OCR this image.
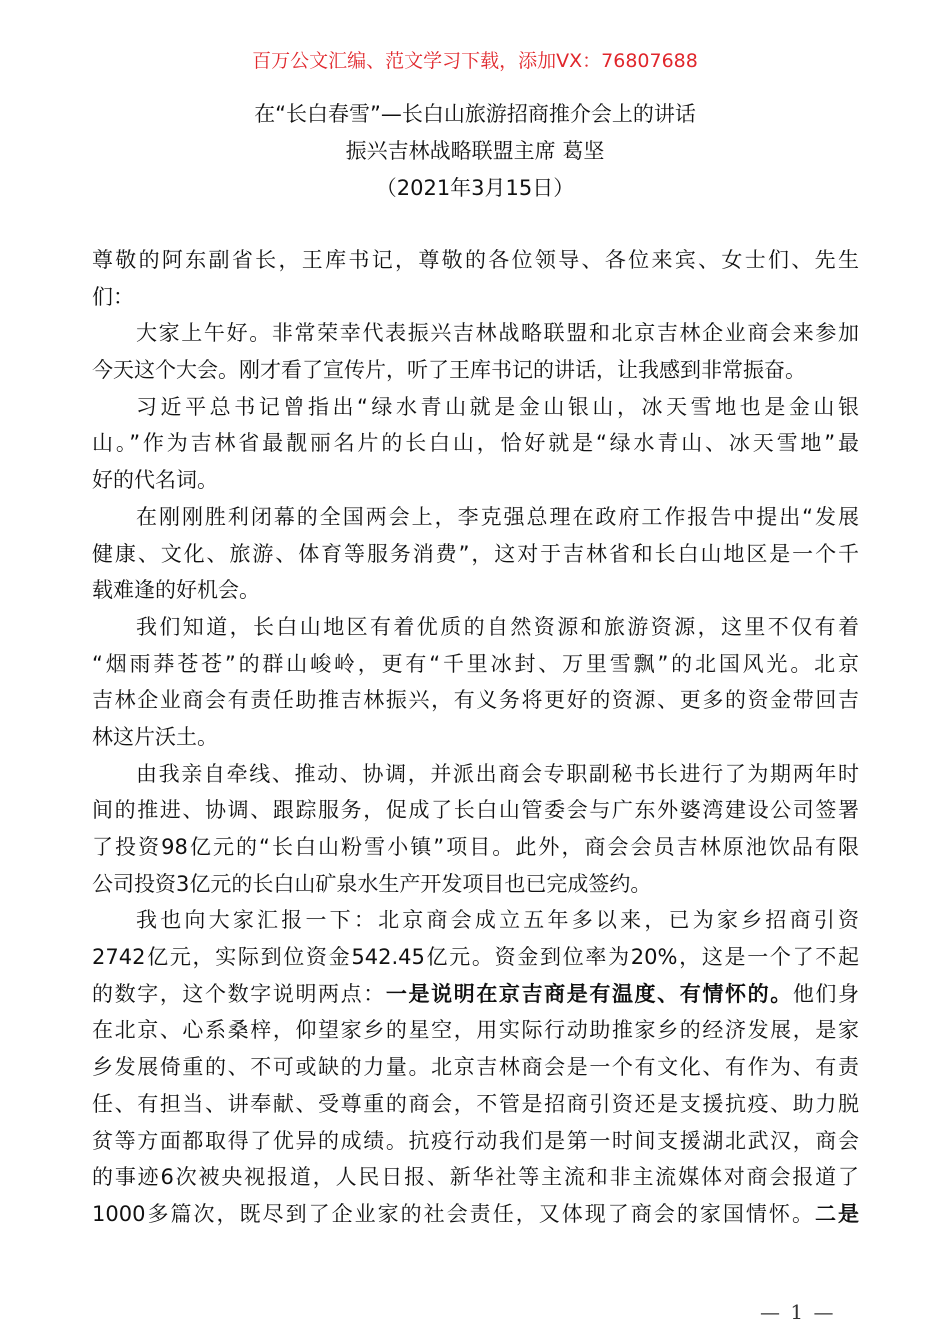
百万公文汇编、范文学习下载，添加VX：76807688
在“长白春雪”—长白山旅游招商推介会上的讲话
振兴吉林战略联盟主席 葛坚
（2021年3月15日）
尊敬的阿东副省长，王库书记，尊敬的各位领导、各位来宾、女士们、先生
们：
大家上午好。非常荣幸代表振兴吉林战略联盟和北京吉林企业商会来参加
今天这个大会。刚才看了宣传片，听了王库书记的讲话，让我感到非常振奋。
习近平总书记曾指出“绿水青山就是金山银山，冰天雪地也是金山银
山。”作为吉林省最靓丽名片的长白山，恰好就是“绿水青山、冰天雪地”最
好的代名词。
在刚刚胜利闭幕的全国两会上，李克强总理在政府工作报告中提出“发展
健康、文化、旅游、体育等服务消费”，这对于吉林省和长白山地区是一个千
载难逢的好机会。
我们知道，长白山地区有着优质的自然资源和旅游资源，这里不仅有着
“烟雨莽苍苍”的群山峻岭，更有“千里冰封、万里雪飘”的北国风光。北京
吉林企业商会有责任助推吉林振兴，有义务将更好的资源、更多的资金带回吉
林这片沃土。
由我亲自牵线、推动、协调，并派出商会专职副秘书长进行了为期两年时
间的推进、协调、跟踪服务，促成了长白山管委会与广东外婆湾建设公司签署
了投资98亿元的“长白山粉雪小镇”项目。此外，商会会员吉林原池饮品有限
公司投资3亿元的长白山矿泉水生产开发项目也已完成签约。
我也向大家汇报一下：北京商会成立五年多以来，已为家乡招商引资
2742亿元，实际到位资金542.45亿元。资金到位率为20%，这是一个了不起
的数字，这个数字说明两点：一是说明在京吉商是有温度、有情怀的。他们身
在北京、心系桑梓，仰望家乡的星空，用实际行动助推家乡的经济发展，是家
乡发展倚重的、不可或缺的力量。北京吉林商会是一个有文化、有作为、有责
任、有担当、讲奉献、受尊重的商会，不管是招商引资还是支援抗疫、助力脱
贫等方面都取得了优异的成绩。抗疫行动我们是第一时间支援湖北武汉，商会
的事迹6次被央视报道，人民日报、新华社等主流和非主流媒体对商会报道了
1000多篇次，既尽到了企业家的社会责任，又体现了商会的家国情怀。二是
— 1 —
